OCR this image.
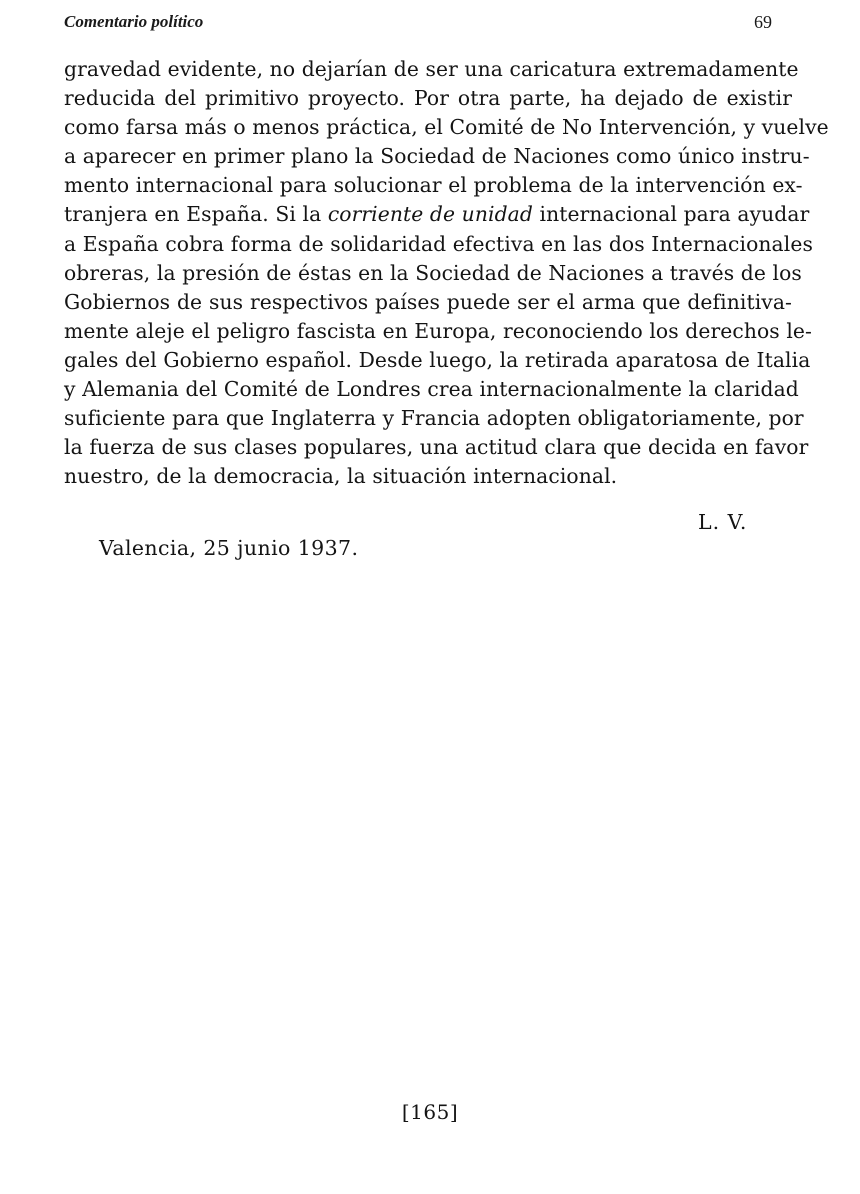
Comentario político	69
gravedad evidente, no dejarían de ser una caricatura extremadamente
reducida del primitivo proyecto. Por otra parte, ha dejado de existir
como farsa más o menos práctica, el Comité de No Intervención, y vuelve
a aparecer en primer plano la Sociedad de Naciones como único instru-
mento internacional para solucionar el problema de la intervención ex-
tranjera en España. Si la corriente de unidad internacional para ayudar
a España cobra forma de solidaridad efectiva en las dos Internacionales
obreras, la presión de éstas en la Sociedad de Naciones a través de los
Gobiernos de sus respectivos países puede ser el arma que definitiva-
mente aleje el peligro fascista en Europa, reconociendo los derechos le-
gales del Gobierno español. Desde luego, la retirada aparatosa de Italia
y Alemania del Comité de Londres crea internacionalmente la claridad
suficiente para que Inglaterra y Francia adopten obligatoriamente, por
la fuerza de sus clases populares, una actitud clara que decida en favor
nuestro, de la democracia, la situación internacional.
L. V.
Valencia, 25 junio 1937.
[165]
